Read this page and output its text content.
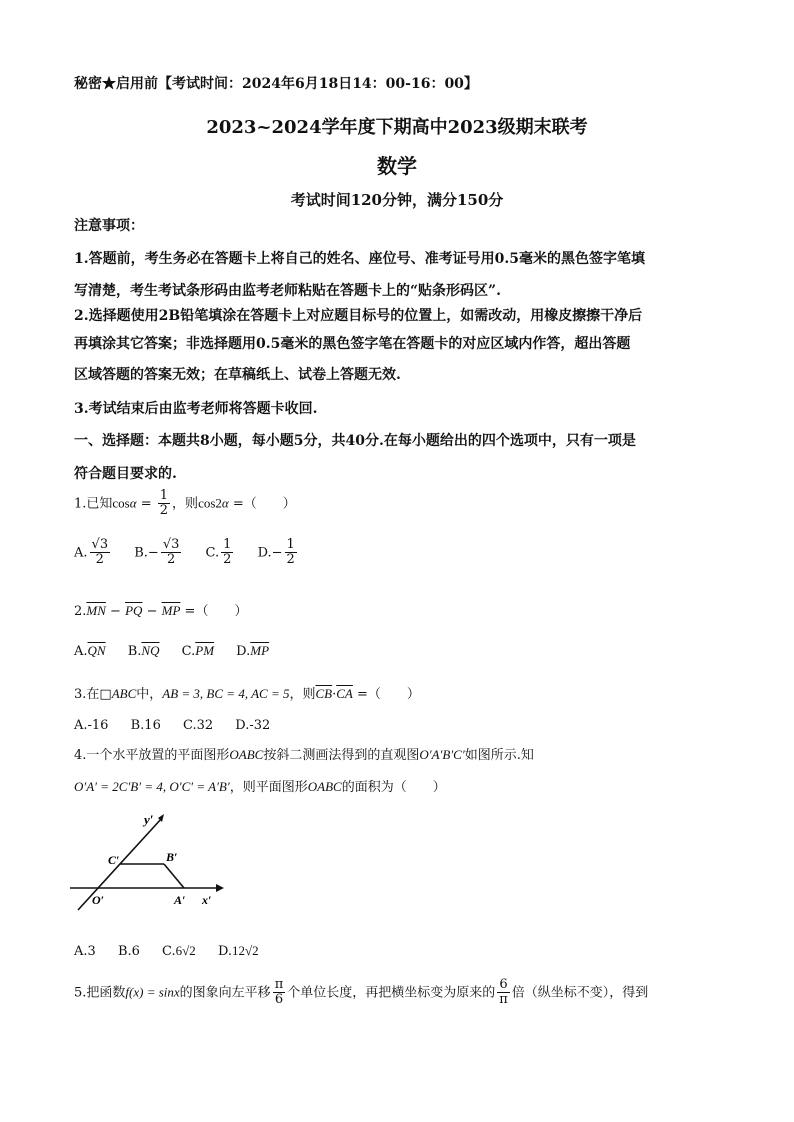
秘密★启用前【考试时间：2024年6月18日14：00-16：00】
2023~2024学年度下期高中2023级期末联考
数学
考试时间120分钟，满分150分
注意事项：
1.答题前，考生务必在答题卡上将自己的姓名、座位号、准考证号用0.5毫米的黑色签字笔填
写清楚，考生考试条形码由监考老师粘贴在答题卡上的“贴条形码区”.
2.选择题使用2B铅笔填涂在答题卡上对应题目标号的位置上，如需改动，用橡皮擦擦干净后
再填涂其它答案；非选择题用0.5毫米的黑色签字笔在答题卡的对应区域内作答，超出答题
区域答题的答案无效；在草稿纸上、试卷上答题无效.
3.考试结束后由监考老师将答题卡收回.
一、选择题：本题共8小题，每小题5分，共40分.在每小题给出的四个选项中，只有一项是
符合题目要求的.
1.已知$\cos\alpha = \frac{1}{2}$ ，则cos2α =（　　）
A. $\frac{√3}{2} B.- \frac{√3}{2} C$. $\frac{1}{2} D.- \frac{1}{2}$
$2.\overline{MN} - \overline{PQ} - \overline{MP}$ =（　　）
$A.\overline{QN}$ $B.\overline{NQ}$ $C.\overline{PM}$ $D.\overline{MP}$
3.在□ABC中，AB = 3, BC = 4, AC = 5，则$\overline{CB}\cdot\overline{CA}$ =（　　）
A.-16 B.16 C.32 D.-32
4.一个水平放置的平面图形OABC按斜二测画法得到的直观图O′A′B′C′如图所示.知
O′A′ = 2C′B′ = 4, O′C′ = A′B′，则平面图形OABC的面积为（　　）
y′
C′	B′
O′	A′ x′
A.3 B.6 C.6√2 D.12√2
5.把函数f(x) = sinx的图象向左平移 $\frac{\pi}{6}$ 个单位长度，再把横坐标变为原来的 $\frac{6}{\pi}$ 倍（纵坐标不变），得到
